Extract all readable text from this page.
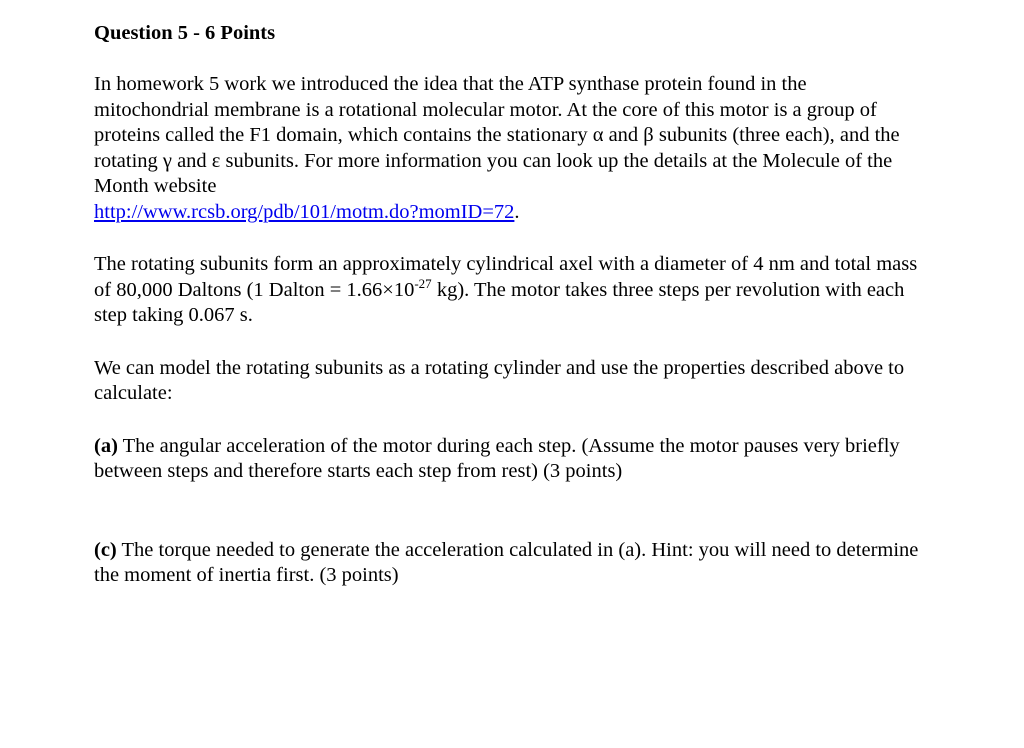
Question 5 - 6 Points

In homework 5 work we introduced the idea that the ATP synthase protein found in the mitochondrial membrane is a rotational molecular motor. At the core of this motor is a group of proteins called the F1 domain, which contains the stationary α and β subunits (three each), and the rotating γ and ε subunits. For more information you can look up the details at the Molecule of the Month website
http://www.rcsb.org/pdb/101/motm.do?momID=72.

The rotating subunits form an approximately cylindrical axel with a diameter of 4 nm and total mass of 80,000 Daltons (1 Dalton = $1.66\times 10^{-27}$ kg). The motor takes three steps per revolution with each step taking 0.067 s.

We can model the rotating subunits as a rotating cylinder and use the properties described above to calculate:

(a) The angular acceleration of the motor during each step. (Assume the motor pauses very briefly between steps and therefore starts each step from rest) (3 points)

(c) The torque needed to generate the acceleration calculated in (a). Hint: you will need to determine the moment of inertia first. (3 points)
